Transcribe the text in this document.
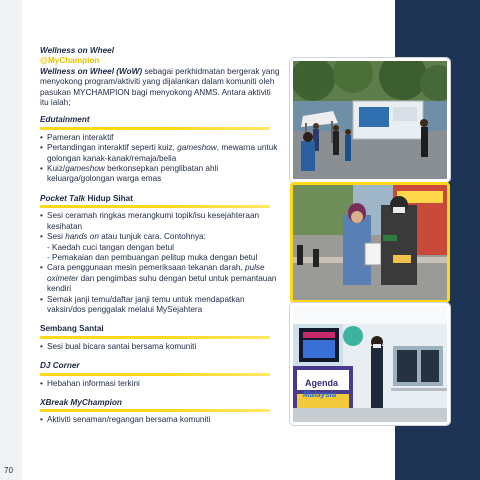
70
Wellness on Wheel
@MyChampion
Wellness on Wheel (WoW) sebagai perkhidmatan bergerak yang menyokong program/aktiviti yang dijalankan dalam komuniti oleh pasukan MYCHAMPION bagi menyokong ANMS. Antara aktiviti itu ialah;
Edutainment
• Pameran interaktif
• Pertandingan interaktif seperti kuiz, gameshow, mewarna untuk golongan kanak-kanak/remaja/belia
• Kuiz/gameshow berkonsepkan penglibatan ahli keluarga/golongan warga emas
Pocket Talk Hidup Sihat
• Sesi ceramah ringkas merangkumi topik/isu kesejahteraan kesihatan
• Sesi hands on atau tunjuk cara. Contohnya:
- Kaedah cuci tangan dengan betul
- Pemakaian dan pembuangan pelitup muka dengan betul
• Cara penggunaan mesin pemeriksaan tekanan darah, pulse oximeter dan pengimbas suhu dengan betul untuk pemantauan kendiri
• Semak janji temu/daftar janji temu untuk mendapatkan vaksin/dos penggalak melalui MySejahtera
Sembang Santai
• Sesi bual bicara santai bersama komuniti
DJ Corner
• Hebahan informasi terkini
XBreak MyChampion
• Aktiviti senaman/regangan bersama komuniti
Agenda
Malaysia
